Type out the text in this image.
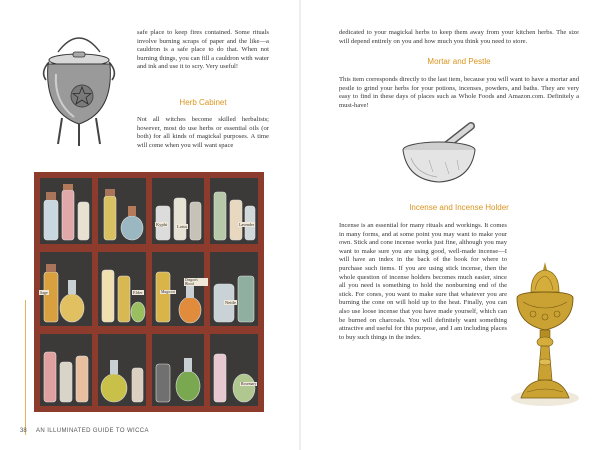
safe place to keep fires contained. Some rituals involve burning scraps of paper and the like—a cauldron is a safe place to do that. When not burning things, you can fill a cauldron with water and ink and use it to scry. Very useful!

Herb Cabinet

Not all witches become skilled herbalists; however, most do use herbs or essential oils (or both) for all kinds of magickal purposes. A time will come when you will want space

Kyphi Lotus	Lavender
Sage
Nettle
Elder	Mugwort
Dragon's Blood
Rosemary
38 AN ILLUMINATED GUIDE TO WICCA

dedicated to your magickal herbs to keep them away from your kitchen herbs. The size will depend entirely on you and how much you think you need to store.

Mortar and Pestle

This item corresponds directly to the last item, because you will want to have a mortar and pestle to grind your herbs for your potions, incenses, powders, and baths. They are very easy to find in these days of places such as Whole Foods and Amazon.com. Definitely a must-have!

Incense and Incense Holder

Incense is an essential for many rituals and workings. It comes in many forms, and at some point you may want to make your own. Stick and cone incense works just fine, although you may want to make sure you are using good, well-made incense—I will have an index in the back of the book for where to purchase such items. If you are using stick incense, then the whole question of incense holders becomes much easier, since all you need is something to hold the nonburning end of the stick. For cones, you want to make sure that whatever you are burning the cone on will hold up to the heat. Finally, you can also use loose incense that you have made yourself, which can be burned on charcoals. You will definitely want something attractive and useful for this purpose, and I am including places to buy such things in the index.
